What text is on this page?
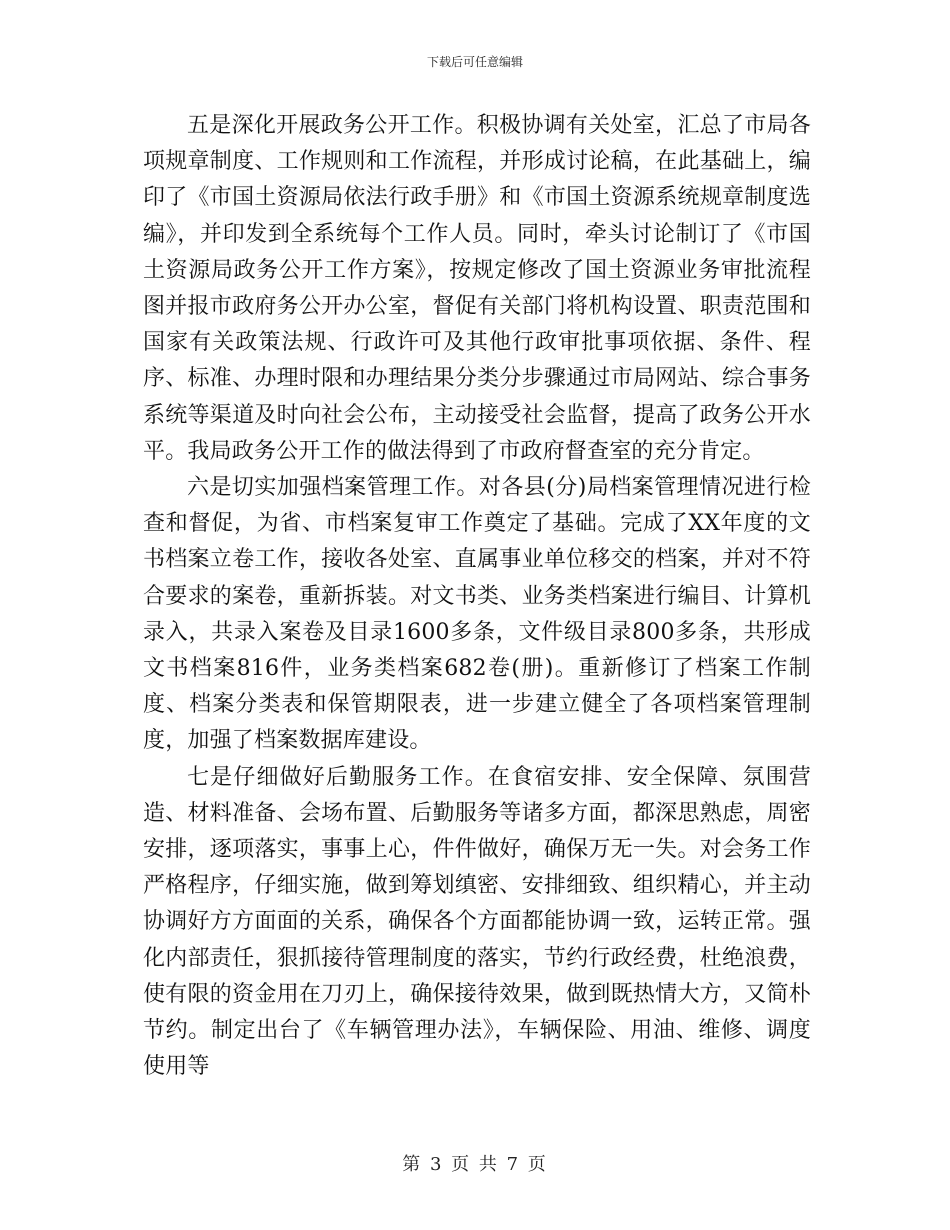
下载后可任意编辑

五是深化开展政务公开工作。积极协调有关处室，汇总了市局各项规章制度、工作规则和工作流程，并形成讨论稿，在此基础上，编印了《市国土资源局依法行政手册》和《市国土资源系统规章制度选编》，并印发到全系统每个工作人员。同时，牵头讨论制订了《市国土资源局政务公开工作方案》，按规定修改了国土资源业务审批流程图并报市政府务公开办公室，督促有关部门将机构设置、职责范围和国家有关政策法规、行政许可及其他行政审批事项依据、条件、程序、标准、办理时限和办理结果分类分步骤通过市局网站、综合事务系统等渠道及时向社会公布，主动接受社会监督，提高了政务公开水平。我局政务公开工作的做法得到了市政府督查室的充分肯定。

六是切实加强档案管理工作。对各县(分)局档案管理情况进行检查和督促，为省、市档案复审工作奠定了基础。完成了XX年度的文书档案立卷工作，接收各处室、直属事业单位移交的档案，并对不符合要求的案卷，重新拆装。对文书类、业务类档案进行编目、计算机录入，共录入案卷及目录1600多条，文件级目录800多条，共形成文书档案816件，业务类档案682卷(册)。重新修订了档案工作制度、档案分类表和保管期限表，进一步建立健全了各项档案管理制度，加强了档案数据库建设。

七是仔细做好后勤服务工作。在食宿安排、安全保障、氛围营造、材料准备、会场布置、后勤服务等诸多方面，都深思熟虑，周密安排，逐项落实，事事上心，件件做好，确保万无一失。对会务工作严格程序，仔细实施，做到筹划缜密、安排细致、组织精心，并主动协调好方方面面的关系，确保各个方面都能协调一致，运转正常。强化内部责任，狠抓接待管理制度的落实，节约行政经费，杜绝浪费，使有限的资金用在刀刃上，确保接待效果，做到既热情大方，又简朴节约。制定出台了《车辆管理办法》，车辆保险、用油、维修、调度使用等

第 3 页 共 7 页
